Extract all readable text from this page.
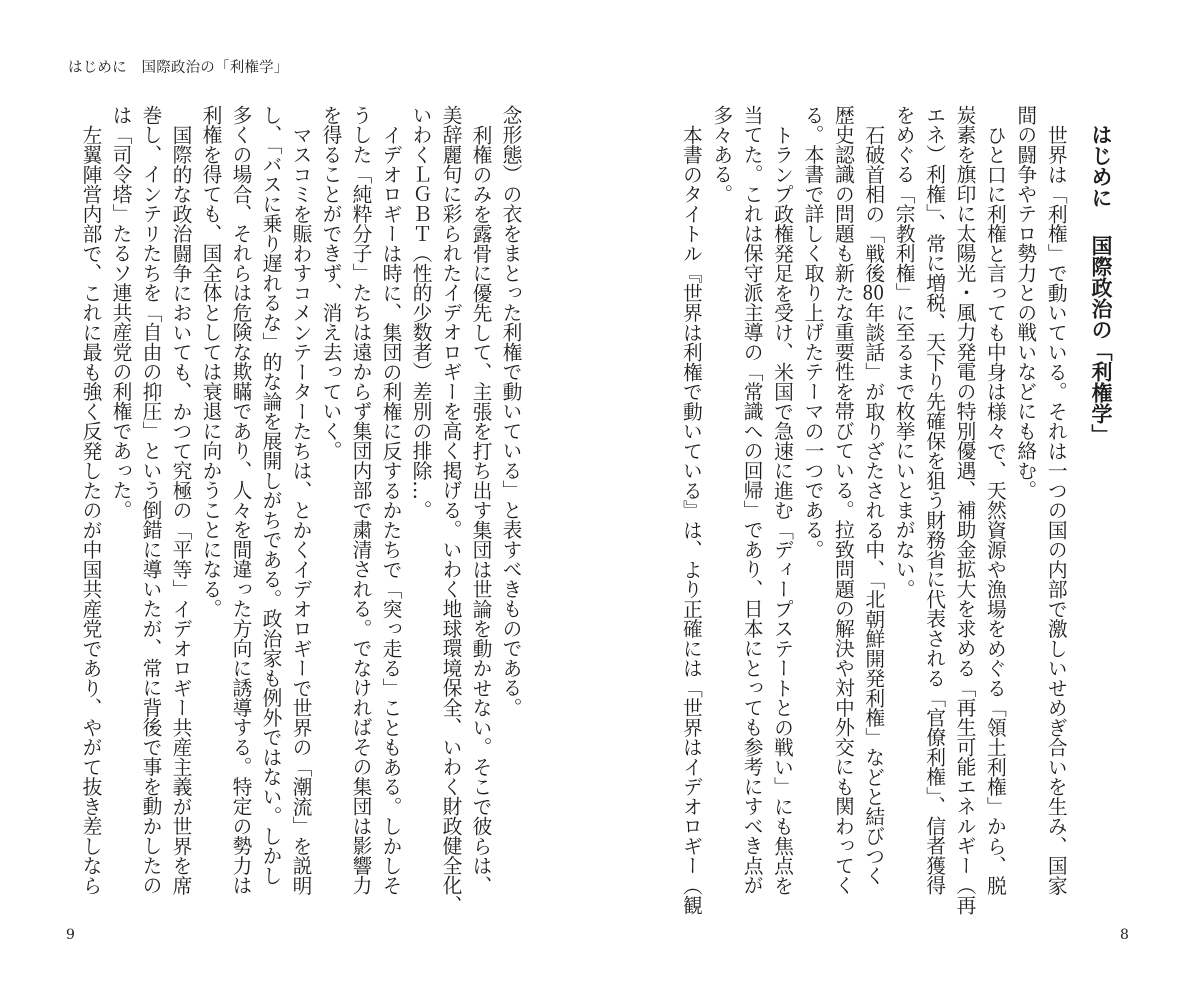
はじめに　国際政治の「利権学」
念形態）の衣をまとった利権で動いている」と表すべきものである。
利権のみを露骨に優先して、主張を打ち出す集団は世論を動かせない。そこで彼らは、
美辞麗句に彩られたイデオロギーを高く掲げる。いわく地球環境保全、いわく財政健全化、
いわくＬＧＢＴ（性的少数者）差別の排除…。
イデオロギーは時に、集団の利権に反するかたちで「突っ走る」こともある。しかしそ
うした「純粋分子」たちは遠からず集団内部で粛清される。でなければその集団は影響力
を得ることができず、消え去っていく。
マスコミを賑わすコメンテーターたちは、とかくイデオロギーで世界の「潮流」を説明
し、「バスに乗り遅れるな」的な論を展開しがちである。政治家も例外ではない。しかし
多くの場合、それらは危険な欺瞞であり、人々を間違った方向に誘導する。特定の勢力は
利権を得ても、国全体としては衰退に向かうことになる。
国際的な政治闘争においても、かつて究極の「平等」イデオロギー共産主義が世界を席
巻し、インテリたちを「自由の抑圧」という倒錯に導いたが、常に背後で事を動かしたの
は「司令塔」たるソ連共産党の利権であった。
左翼陣営内部で、これに最も強く反発したのが中国共産党であり、やがて抜き差しなら
9
はじめに国際政治の「利権学」
世界は「利権」で動いている。それは一つの国の内部で激しいせめぎ合いを生み、国家
間の闘争やテロ勢力との戦いなどにも絡む。
ひと口に利権と言っても中身は様々で、天然資源や漁場をめぐる「領土利権」から、脱
炭素を旗印に太陽光・風力発電の特別優遇、補助金拡大を求める「再生可能エネルギー（再
エネ）利権」、常に増税、天下り先確保を狙う財務省に代表される「官僚利権」、信者獲得
をめぐる「宗教利権」に至るまで枚挙にいとまがない。
石破首相の「戦後80年談話」が取りざたされる中、「北朝鮮開発利権」などと結びつく
歴史認識の問題も新たな重要性を帯びている。拉致問題の解決や対中外交にも関わってく
る。本書で詳しく取り上げたテーマの一つである。
トランプ政権発足を受け、米国で急速に進む「ディープステートとの戦い」にも焦点を
当てた。これは保守派主導の「常識への回帰」であり、日本にとっても参考にすべき点が
多々ある。
本書のタイトル『世界は利権で動いている』は、より正確には「世界はイデオロギー（観
8
